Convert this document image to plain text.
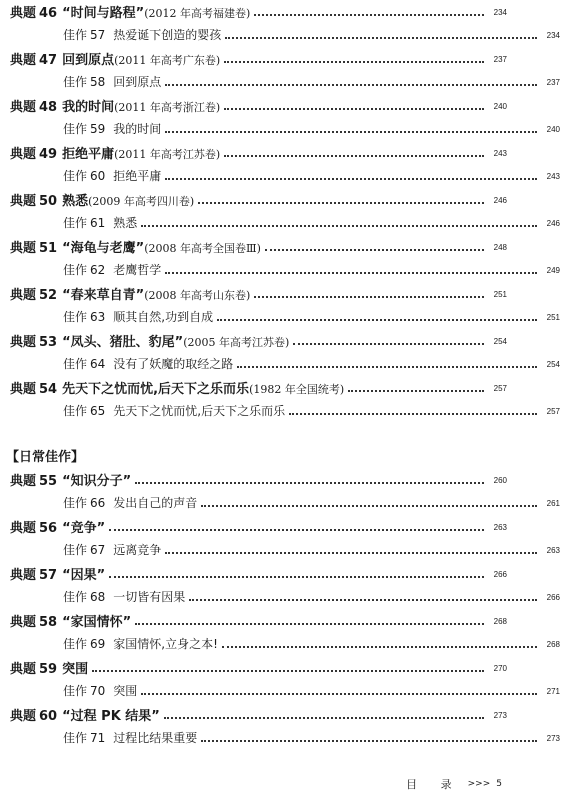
典题 46 “时间与路程” (2012 年高考福建卷)	234
佳作 57 热爱诞下创造的婴孩	234
典题 47 回到原点 (2011 年高考广东卷)	237
佳作 58 回到原点	237
典题 48 我的时间 (2011 年高考浙江卷)	240
佳作 59 我的时间	240
典题 49 拒绝平庸 (2011 年高考江苏卷)	243
佳作 60 拒绝平庸	243
典题 50 熟悉 (2009 年高考四川卷)	246
佳作 61 熟悉	246
典题 51 “海龟与老鹰” (2008 年高考全国卷Ⅲ)	248
佳作 62 老鹰哲学	249
典题 52 “春来草自青” (2008 年高考山东卷)	251
佳作 63 顺其自然,功到自成	251
典题 53 “凤头、猪肚、豹尾” (2005 年高考江苏卷)	254
佳作 64 没有了妖魔的取经之路	254
典题 54 先天下之忧而忧,后天下之乐而乐 (1982 年全国统考)	257
佳作 65 先天下之忧而忧,后天下之乐而乐	257
典题 55 “知识分子”	260
佳作 66 发出自己的声音	261
典题 56 “竞争”	263
佳作 67 远离竞争	263
典题 57 “因果”	266
佳作 68 一切皆有因果	266
典题 58 “家国情怀”	268
佳作 69 家国情怀,立身之本!	268
典题 59 突围	270
佳作 70 突围	271
典题 60 “过程 PK 结果”	273
佳作 71 过程比结果重要	273
【日常佳作】
目 录 >>> 5
